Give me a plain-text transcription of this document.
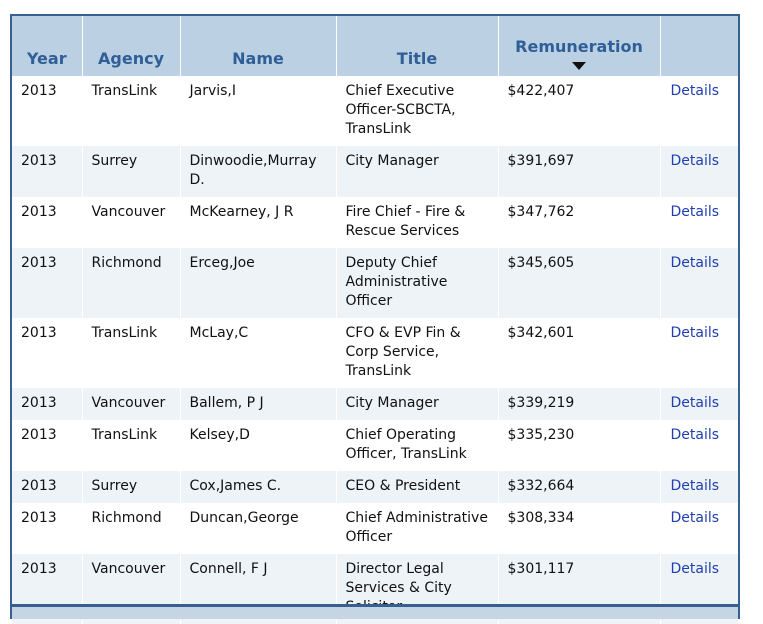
Year	Agency	Name	Title	Remuneration	

2013	TransLink	Jarvis,I	Chief Executive Officer-SCBCTA, TransLink	$422,407	Details
2013	Surrey	Dinwoodie,Murray D.	City Manager	$391,697	Details
2013	Vancouver	McKearney, J R	Fire Chief - Fire & Rescue Services	$347,762	Details
2013	Richmond	Erceg,Joe	Deputy Chief Administrative Officer	$345,605	Details
2013	TransLink	McLay,C	CFO & EVP Fin & Corp Service, TransLink	$342,601	Details
2013	Vancouver	Ballem, P J	City Manager	$339,219	Details
2013	TransLink	Kelsey,D	Chief Operating Officer, TransLink	$335,230	Details
2013	Surrey	Cox,James C.	CEO & President	$332,664	Details
2013	Richmond	Duncan,George	Chief Administrative Officer	$308,334	Details
2013	Vancouver	Connell, F J	Director Legal Services & City	$301,117	Details
